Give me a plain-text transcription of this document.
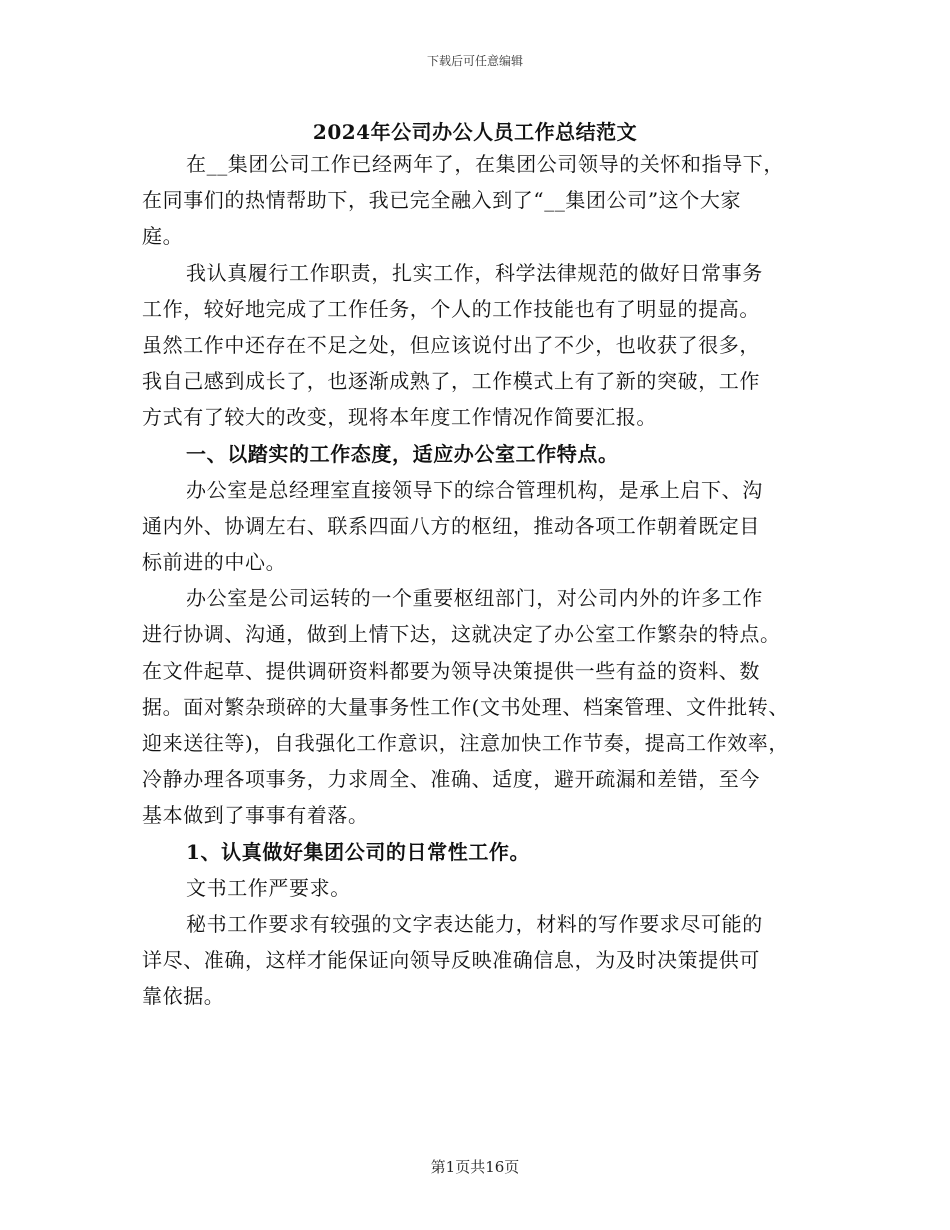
下载后可任意编辑
2024年公司办公人员工作总结范文
在__集团公司工作已经两年了，在集团公司领导的关怀和指导下，
在同事们的热情帮助下，我已完全融入到了“__集团公司”这个大家
庭。
我认真履行工作职责，扎实工作，科学法律规范的做好日常事务
工作，较好地完成了工作任务，个人的工作技能也有了明显的提高。
虽然工作中还存在不足之处，但应该说付出了不少，也收获了很多，
我自己感到成长了，也逐渐成熟了，工作模式上有了新的突破，工作
方式有了较大的改变，现将本年度工作情况作简要汇报。
一、以踏实的工作态度，适应办公室工作特点。
办公室是总经理室直接领导下的综合管理机构，是承上启下、沟
通内外、协调左右、联系四面八方的枢纽，推动各项工作朝着既定目
标前进的中心。
办公室是公司运转的一个重要枢纽部门，对公司内外的许多工作
进行协调、沟通，做到上情下达，这就决定了办公室工作繁杂的特点。
在文件起草、提供调研资料都要为领导决策提供一些有益的资料、数
据。面对繁杂琐碎的大量事务性工作(文书处理、档案管理、文件批转、
迎来送往等)，自我强化工作意识，注意加快工作节奏，提高工作效率，
冷静办理各项事务，力求周全、准确、适度，避开疏漏和差错，至今
基本做到了事事有着落。
1、认真做好集团公司的日常性工作。
文书工作严要求。
秘书工作要求有较强的文字表达能力，材料的写作要求尽可能的
详尽、准确，这样才能保证向领导反映准确信息，为及时决策提供可
靠依据。
第1页共16页
